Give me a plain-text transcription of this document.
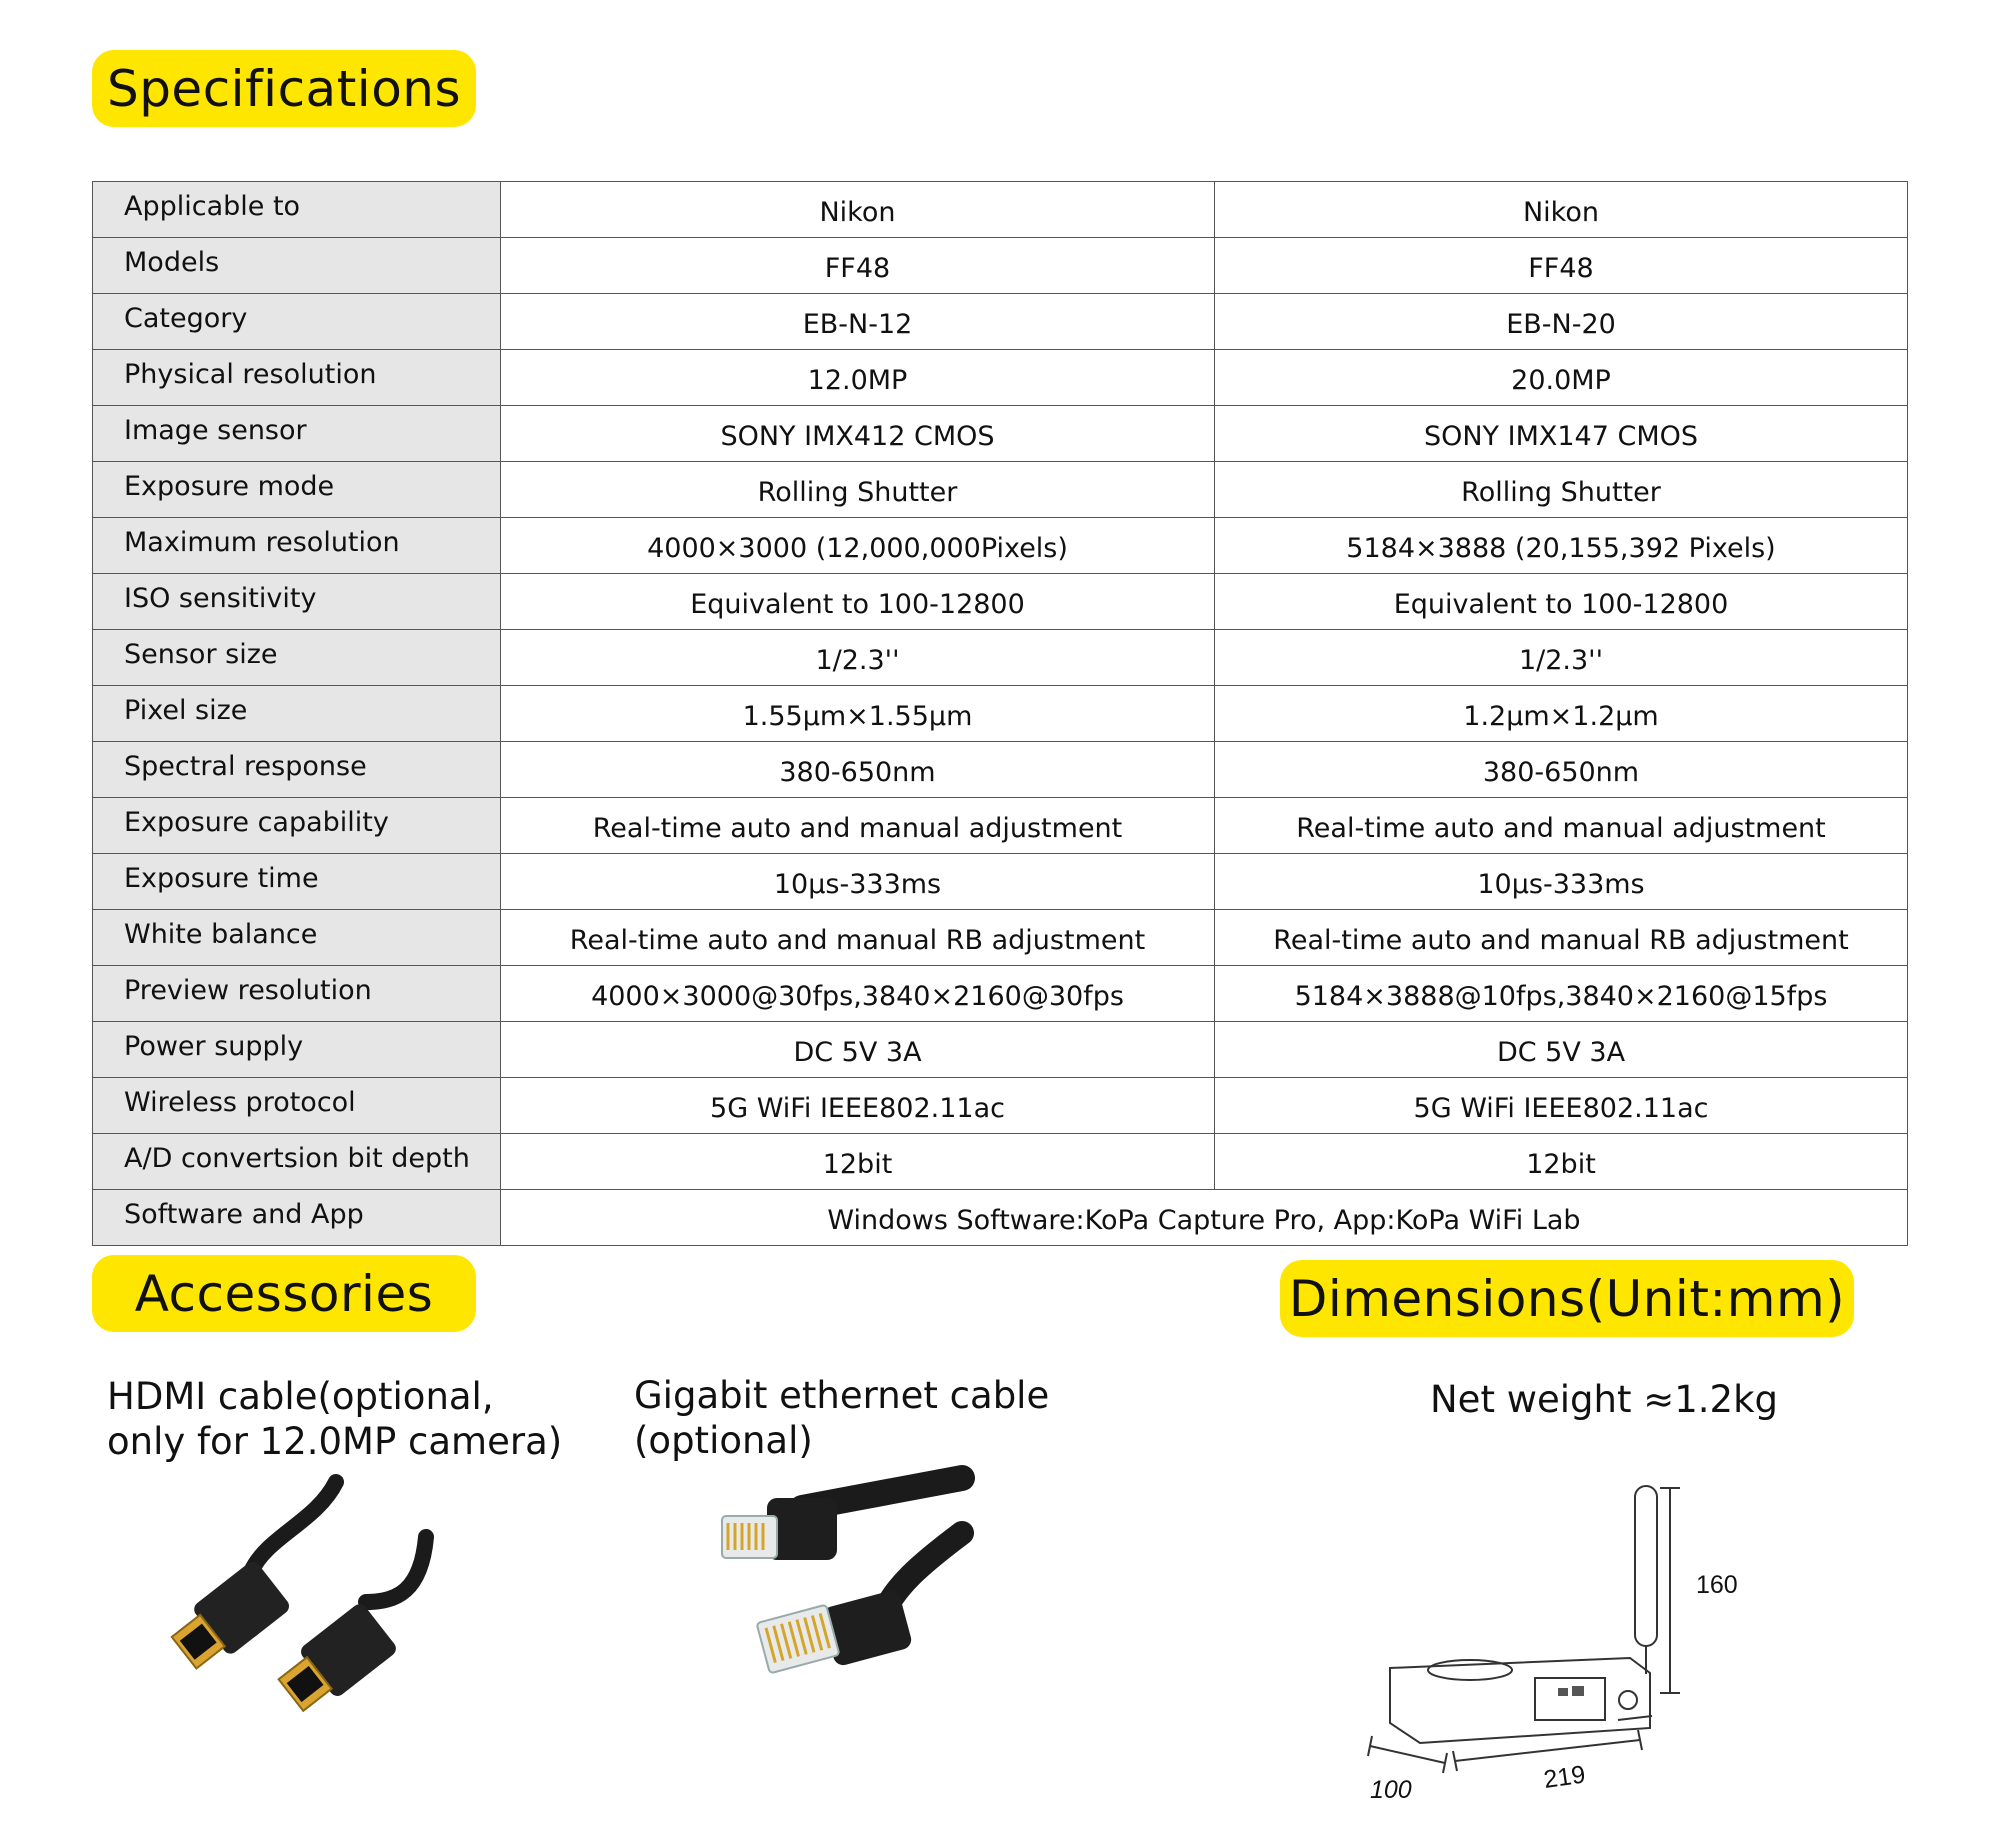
Specifications
Applicable to	Nikon	Nikon
Models	FF48	FF48
Category	EB-N-12	EB-N-20
Physical resolution	12.0MP	20.0MP
Image sensor	SONY IMX412 CMOS	SONY IMX147 CMOS
Exposure mode	Rolling Shutter	Rolling Shutter
Maximum resolution	4000×3000 (12,000,000Pixels)	5184×3888 (20,155,392 Pixels)
ISO sensitivity	Equivalent to 100-12800	Equivalent to 100-12800
Sensor size	1/2.3''	1/2.3''
Pixel size	1.55μm×1.55μm	1.2μm×1.2μm
Spectral response	380-650nm	380-650nm
Exposure capability	Real-time auto and manual adjustment	Real-time auto and manual adjustment
Exposure time	10μs-333ms	10μs-333ms
White balance	Real-time auto and manual RB adjustment	Real-time auto and manual RB adjustment
Preview resolution	4000×3000@30fps,3840×2160@30fps	5184×3888@10fps,3840×2160@15fps
Power supply	DC 5V 3A	DC 5V 3A
Wireless protocol	5G WiFi IEEE802.11ac	5G WiFi IEEE802.11ac
A/D convertsion bit depth	12bit	12bit
Software and App	Windows Software:KoPa Capture Pro, App:KoPa WiFi Lab	
Accessories
HDMI cable(optional,
only for 12.0MP camera)
Gigabit ethernet cable
(optional)
Dimensions(Unit:mm)
Net weight ≈1.2kg
160
219
100
